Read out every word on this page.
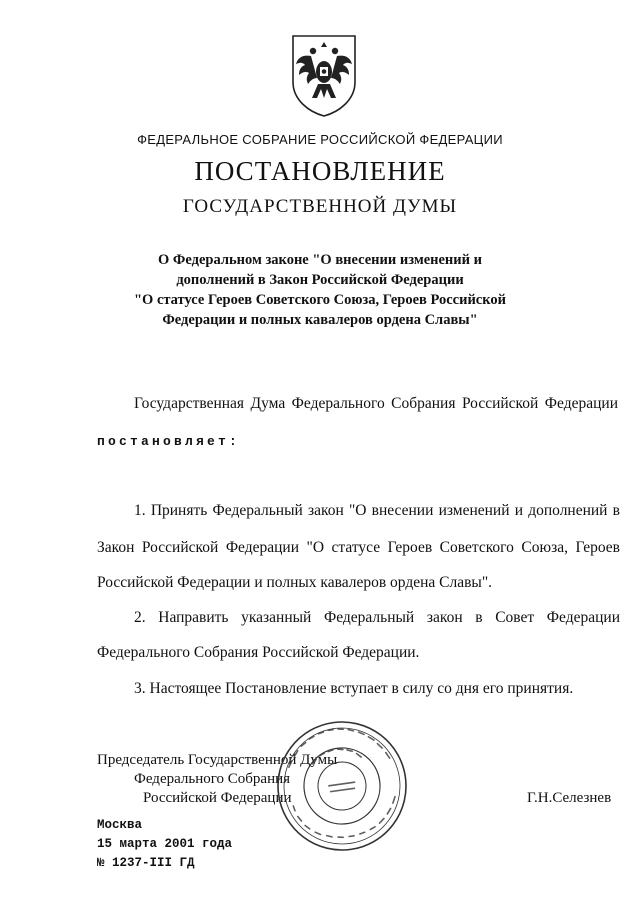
ФЕДЕРАЛЬНОЕ СОБРАНИЕ РОССИЙСКОЙ ФЕДЕРАЦИИ
ПОСТАНОВЛЕНИЕ
ГОСУДАРСТВЕННОЙ ДУМЫ
О Федеральном законе "О внесении изменений и
дополнений в Закон Российской Федерации
"О статусе Героев Советского Союза, Героев Российской
Федерации и полных кавалеров ордена Славы"
Государственная Дума Федерального Собрания Российской Федерации
постановляет:
1. Принять Федеральный закон "О внесении изменений и дополнений в
Закон Российской Федерации "О статусе Героев Советского Союза, Героев
Российской Федерации и полных кавалеров ордена Славы".
2. Направить указанный Федеральный закон в Совет Федерации
Федерального Собрания Российской Федерации.
3. Настоящее Постановление вступает в силу со дня его принятия.
Председатель Государственной Думы
Федерального Собрания
Российской Федерации	Г.Н.Селезнев
Москва
15 марта 2001 года
№ 1237-III ГД
